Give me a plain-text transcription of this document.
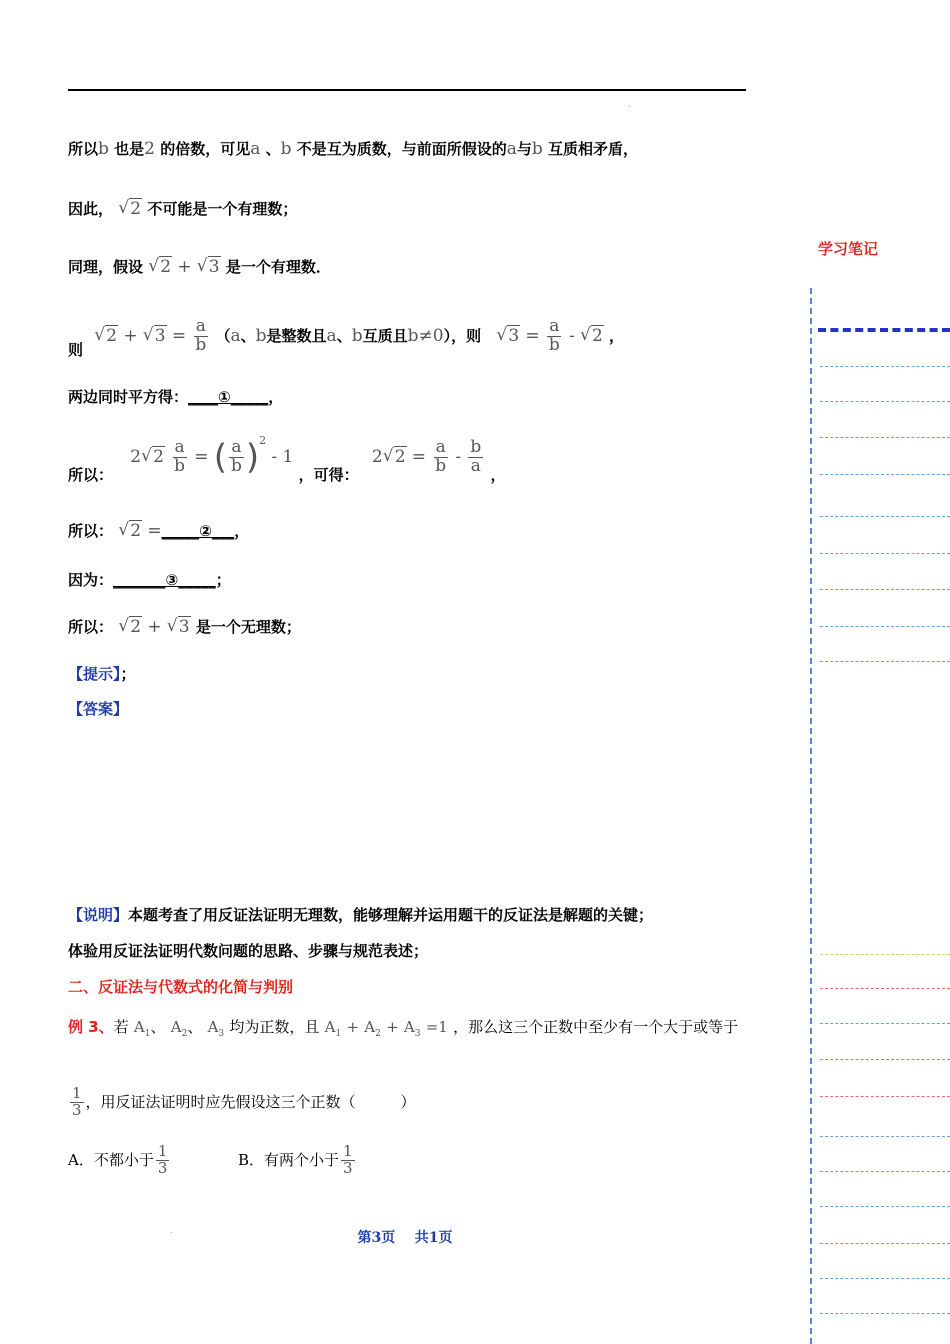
.
所以b 也是2 的倍数，可见a 、b 不是互为质数，与前面所假设的a与b 互质相矛盾，
因此， √ 2 不可能是一个有理数；
同理，假设 √ 2 + √ 3 是一个有理数．
则 √ 2 + √ $3 = \frac{a}{b} (a$、b是整数且a、b互质且b≠0），则 √ $3 = \frac{a}{b}$ - √ 2 ，
两边同时平方得：____①_____，
所以： 2 √ $2 \frac{a}{b}$ = ( $\frac{a}{b} )^2 - 1$ ，可得： 2 √ $2 = \frac{a}{b} - \frac{b}{a}$ ，
所以： √ 2 =_____②___，
因为：_______③_____；
所以： √ 2 + √ 3 是一个无理数；
【提示】；
【答案】
【说明】本题考查了用反证法证明无理数，能够理解并运用题干的反证法是解题的关键；
体验用反证法证明代数问题的思路、步骤与规范表述；
二、反证法与代数式的化简与判别
例 3、若 $A_1$、 $A_2$、 $A_3$ 均为正数，且 $A_1 + A_2 + A_3 =1$ ，那么这三个正数中至少有一个大于或等于
$\frac{1}{3}$ ，用反证法证明时应先假设这三个正数（　　　）
A．不都小于 $\frac{1}{3}$	B．有两个小于 $\frac{1}{3}$
学习笔记
.	第3页 共1页
